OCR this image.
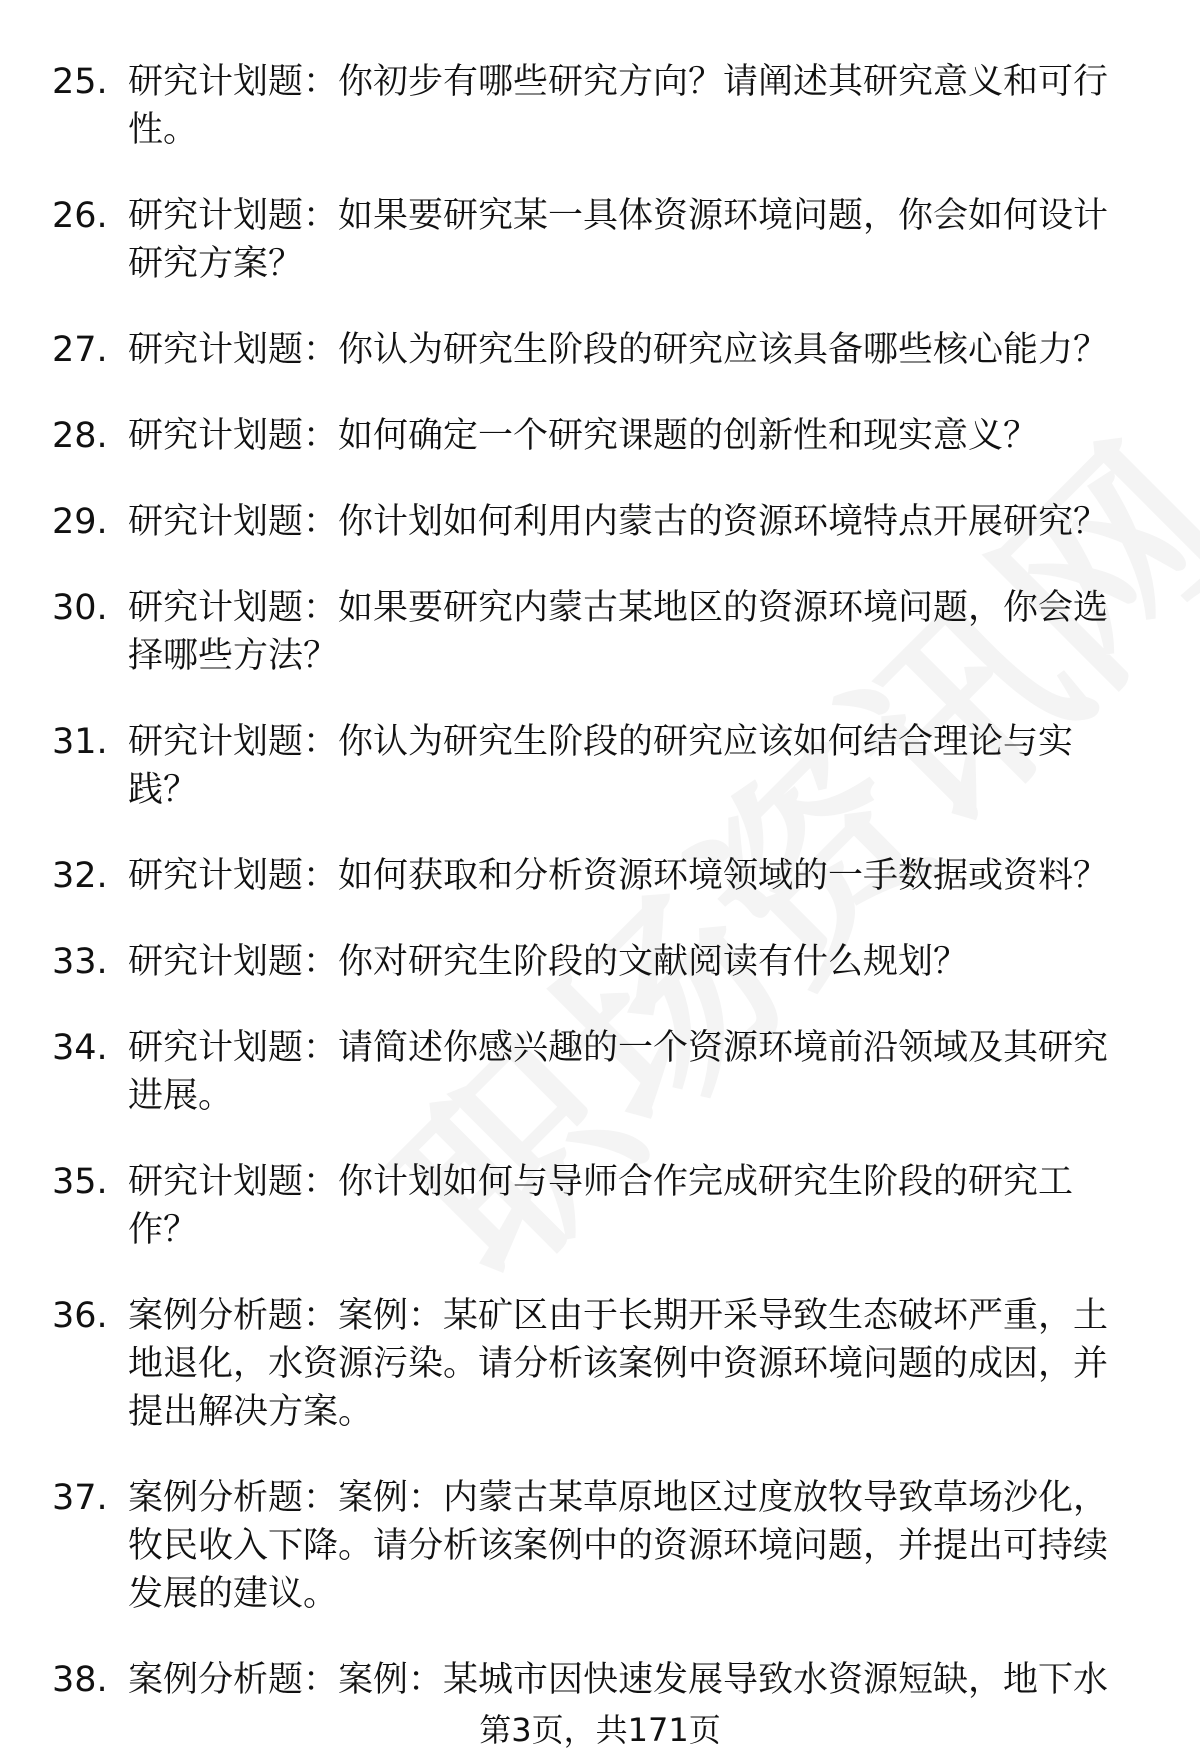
25. 研究计划题：你初步有哪些研究方向？请阐述其研究意义和可行性。
26. 研究计划题：如果要研究某一具体资源环境问题，你会如何设计研究方案？
27. 研究计划题：你认为研究生阶段的研究应该具备哪些核心能力？
28. 研究计划题：如何确定一个研究课题的创新性和现实意义？
29. 研究计划题：你计划如何利用内蒙古的资源环境特点开展研究？
30. 研究计划题：如果要研究内蒙古某地区的资源环境问题，你会选择哪些方法？
31. 研究计划题：你认为研究生阶段的研究应该如何结合理论与实践？
32. 研究计划题：如何获取和分析资源环境领域的一手数据或资料？
33. 研究计划题：你对研究生阶段的文献阅读有什么规划？
34. 研究计划题：请简述你感兴趣的一个资源环境前沿领域及其研究进展。
35. 研究计划题：你计划如何与导师合作完成研究生阶段的研究工作？
36. 案例分析题：案例：某矿区由于长期开采导致生态破坏严重，土地退化，水资源污染。请分析该案例中资源环境问题的成因，并提出解决方案。
37. 案例分析题：案例：内蒙古某草原地区过度放牧导致草场沙化，牧民收入下降。请分析该案例中的资源环境问题，并提出可持续发展的建议。
38. 案例分析题：案例：某城市因快速发展导致水资源短缺，地下水
第3页，共171页
